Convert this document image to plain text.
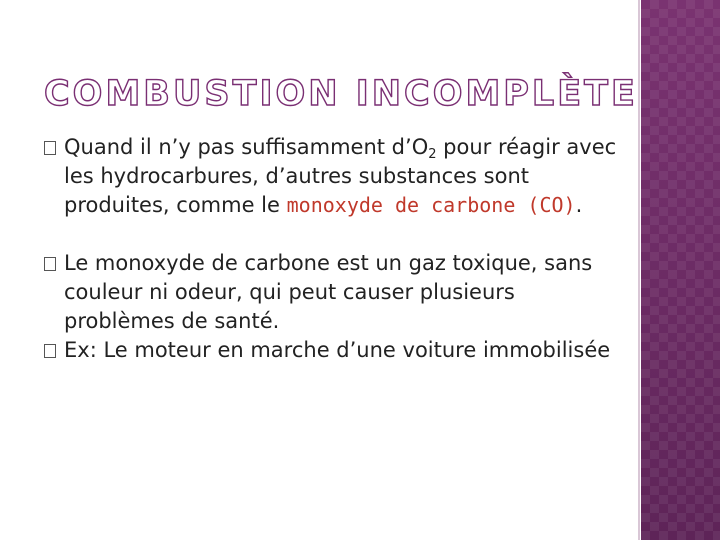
COMBUSTION INCOMPLÈTE

Quand il n’y pas suffisamment $d’O_2$ pour réagir avec les hydrocarbures, d’autres substances sont produites, comme le monoxyde de carbone (CO).

Le monoxyde de carbone est un gaz toxique, sans couleur ni odeur, qui peut causer plusieurs problèmes de santé.

Ex: Le moteur en marche d’une voiture immobilisée
